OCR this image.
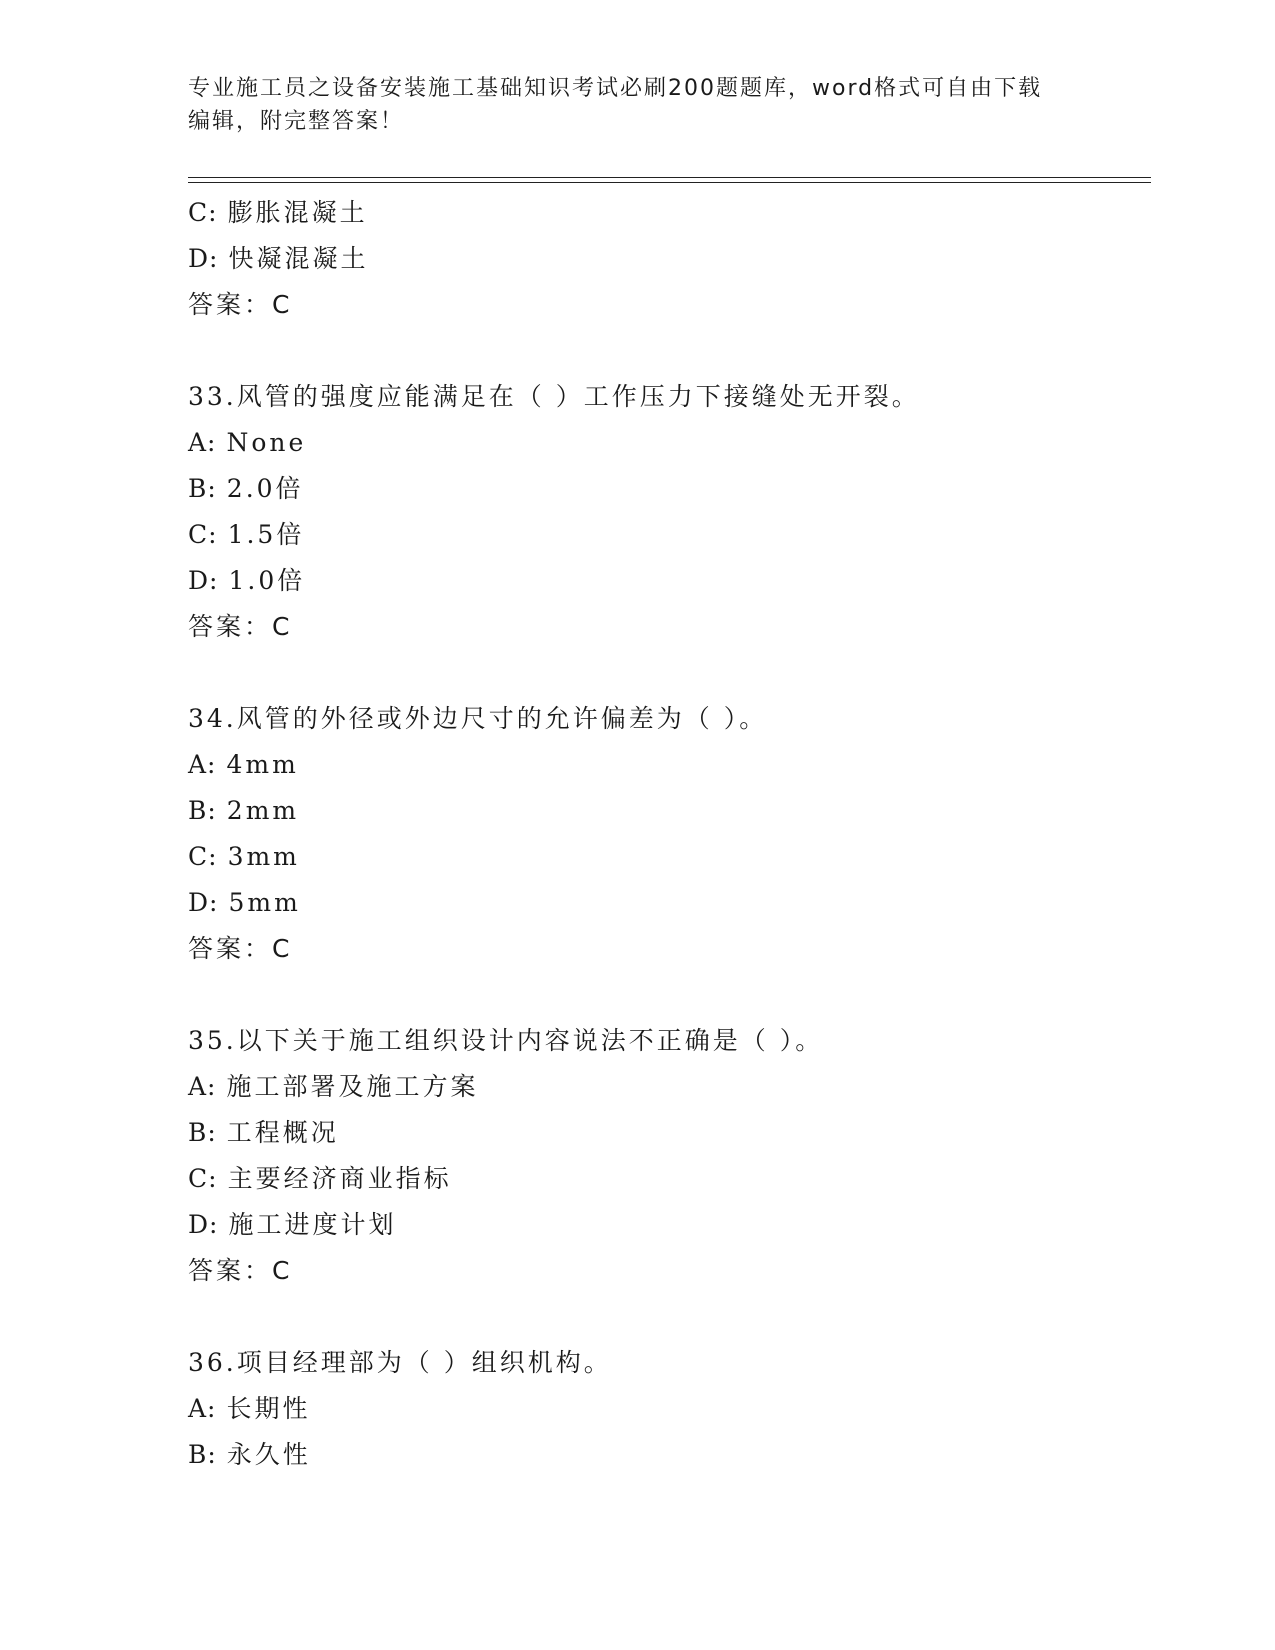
专业施工员之设备安装施工基础知识考试必刷200题题库，word格式可自由下载
编辑，附完整答案！
C: 膨胀混凝土
D: 快凝混凝土
答案：C
33.风管的强度应能满足在（ ）工作压力下接缝处无开裂。
A: None
B: 2.0倍
C: 1.5倍
D: 1.0倍
答案：C
34.风管的外径或外边尺寸的允许偏差为（ ）。
A: 4mm
B: 2mm
C: 3mm
D: 5mm
答案：C
35.以下关于施工组织设计内容说法不正确是（ ）。
A: 施工部署及施工方案
B: 工程概况
C: 主要经济商业指标
D: 施工进度计划
答案：C
36.项目经理部为（ ）组织机构。
A: 长期性
B: 永久性
